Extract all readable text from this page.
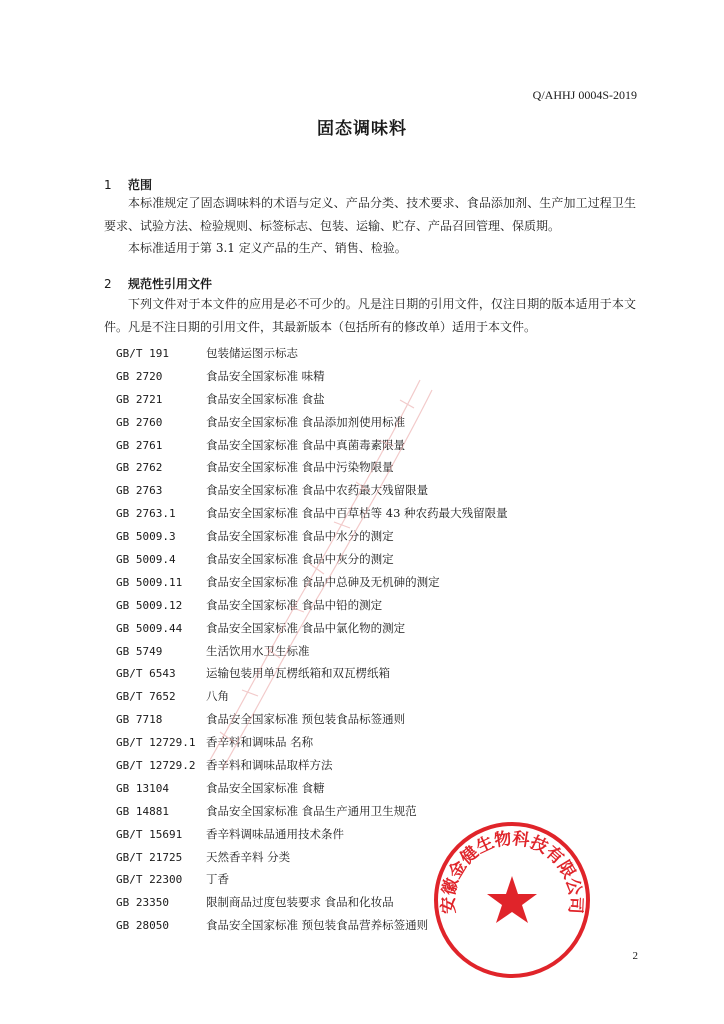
Q/AHHJ 0004S-2019
固态调味料
1 范围
本标准规定了固态调味料的术语与定义、产品分类、技术要求、食品添加剂、生产加工过程卫生要求、试验方法、检验规则、标签标志、包装、运输、贮存、产品召回管理、保质期。
本标准适用于第 3.1 定义产品的生产、销售、检验。
2 规范性引用文件
下列文件对于本文件的应用是必不可少的。凡是注日期的引用文件，仅注日期的版本适用于本文件。凡是不注日期的引用文件，其最新版本（包括所有的修改单）适用于本文件。
GB/T 191	包装储运图示标志
GB 2720	食品安全国家标准 味精
GB 2721	食品安全国家标准 食盐
GB 2760	食品安全国家标准 食品添加剂使用标准
GB 2761	食品安全国家标准 食品中真菌毒素限量
GB 2762	食品安全国家标准 食品中污染物限量
GB 2763	食品安全国家标准 食品中农药最大残留限量
GB 2763.1	食品安全国家标准 食品中百草枯等 43 种农药最大残留限量
GB 5009.3	食品安全国家标准 食品中水分的测定
GB 5009.4	食品安全国家标准 食品中灰分的测定
GB 5009.11 食品安全国家标准 食品中总砷及无机砷的测定
GB 5009.12 食品安全国家标准 食品中铅的测定
GB 5009.44 食品安全国家标准 食品中氯化物的测定
GB 5749	生活饮用水卫生标准
GB/T 6543	运输包装用单瓦楞纸箱和双瓦楞纸箱
GB/T 7652	八角
GB 7718	食品安全国家标准 预包装食品标签通则
GB/T 12729.1 香辛料和调味品 名称
GB/T 12729.2 香辛料和调味品取样方法
GB 13104	食品安全国家标准 食糖
GB 14881	食品安全国家标准 食品生产通用卫生规范
GB/T 15691 香辛料调味品通用技术条件
GB/T 21725 天然香辛料 分类
GB/T 22300 丁香
GB 23350	限制商品过度包装要求 食品和化妆品
GB 28050	食品安全国家标准 预包装食品营养标签通则
安徽金健生物科技有限公司
2
